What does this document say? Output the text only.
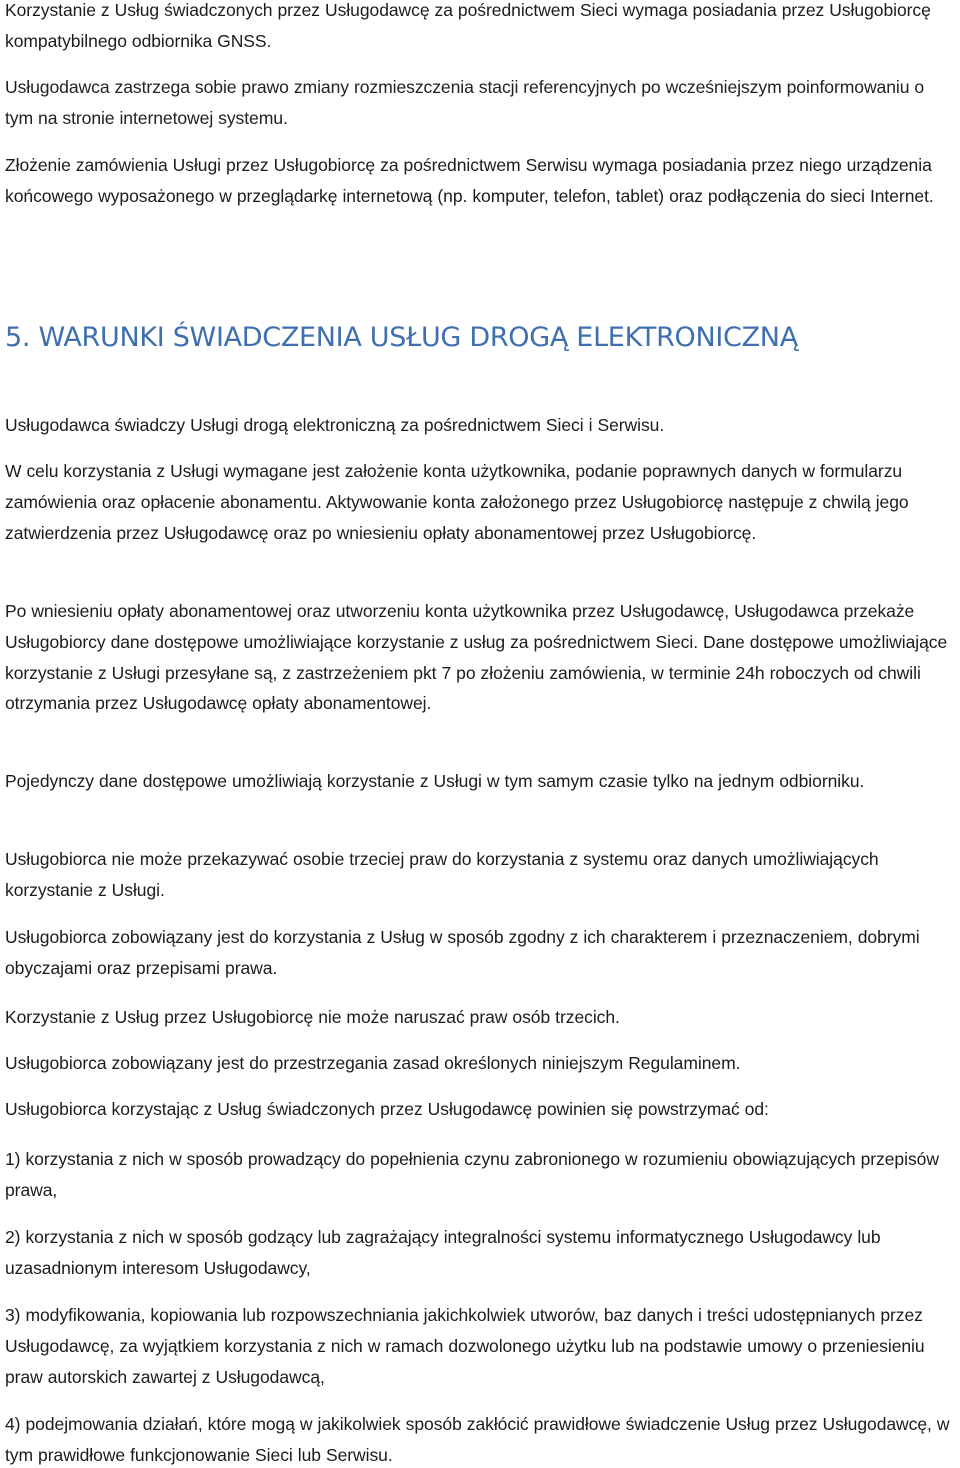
Korzystanie z Usług świadczonych przez Usługodawcę za pośrednictwem Sieci wymaga posiadania przez Usługobiorcę kompatybilnego odbiornika GNSS.

Usługodawca zastrzega sobie prawo zmiany rozmieszczenia stacji referencyjnych po wcześniejszym poinformowaniu o tym na stronie internetowej systemu.

Złożenie zamówienia Usługi przez Usługobiorcę za pośrednictwem Serwisu wymaga posiadania przez niego urządzenia końcowego wyposażonego w przeglądarkę internetową (np. komputer, telefon, tablet) oraz podłączenia do sieci Internet.

5. WARUNKI ŚWIADCZENIA USŁUG DROGĄ ELEKTRONICZNĄ

Usługodawca świadczy Usługi drogą elektroniczną za pośrednictwem Sieci i Serwisu.

W celu korzystania z Usługi wymagane jest założenie konta użytkownika, podanie poprawnych danych w formularzu zamówienia oraz opłacenie abonamentu. Aktywowanie konta założonego przez Usługobiorcę następuje z chwilą jego zatwierdzenia przez Usługodawcę oraz po wniesieniu opłaty abonamentowej przez Usługobiorcę.

Po wniesieniu opłaty abonamentowej oraz utworzeniu konta użytkownika przez Usługodawcę, Usługodawca przekaże Usługobiorcy dane dostępowe umożliwiające korzystanie z usług za pośrednictwem Sieci. Dane dostępowe umożliwiające korzystanie z Usługi przesyłane są, z zastrzeżeniem pkt 7 po złożeniu zamówienia, w terminie 24h roboczych od chwili otrzymania przez Usługodawcę opłaty abonamentowej.

Pojedynczy dane dostępowe umożliwiają korzystanie z Usługi w tym samym czasie tylko na jednym odbiorniku.

Usługobiorca nie może przekazywać osobie trzeciej praw do korzystania z systemu oraz danych umożliwiających korzystanie z Usługi.

Usługobiorca zobowiązany jest do korzystania z Usług w sposób zgodny z ich charakterem i przeznaczeniem, dobrymi obyczajami oraz przepisami prawa.

Korzystanie z Usług przez Usługobiorcę nie może naruszać praw osób trzecich.

Usługobiorca zobowiązany jest do przestrzegania zasad określonych niniejszym Regulaminem.

Usługobiorca korzystając z Usług świadczonych przez Usługodawcę powinien się powstrzymać od:

1) korzystania z nich w sposób prowadzący do popełnienia czynu zabronionego w rozumieniu obowiązujących przepisów prawa,

2) korzystania z nich w sposób godzący lub zagrażający integralności systemu informatycznego Usługodawcy lub uzasadnionym interesom Usługodawcy,

3) modyfikowania, kopiowania lub rozpowszechniania jakichkolwiek utworów, baz danych i treści udostępnianych przez Usługodawcę, za wyjątkiem korzystania z nich w ramach dozwolonego użytku lub na podstawie umowy o przeniesieniu praw autorskich zawartej z Usługodawcą,

4) podejmowania działań, które mogą w jakikolwiek sposób zakłócić prawidłowe świadczenie Usług przez Usługodawcę, w tym prawidłowe funkcjonowanie Sieci lub Serwisu.
